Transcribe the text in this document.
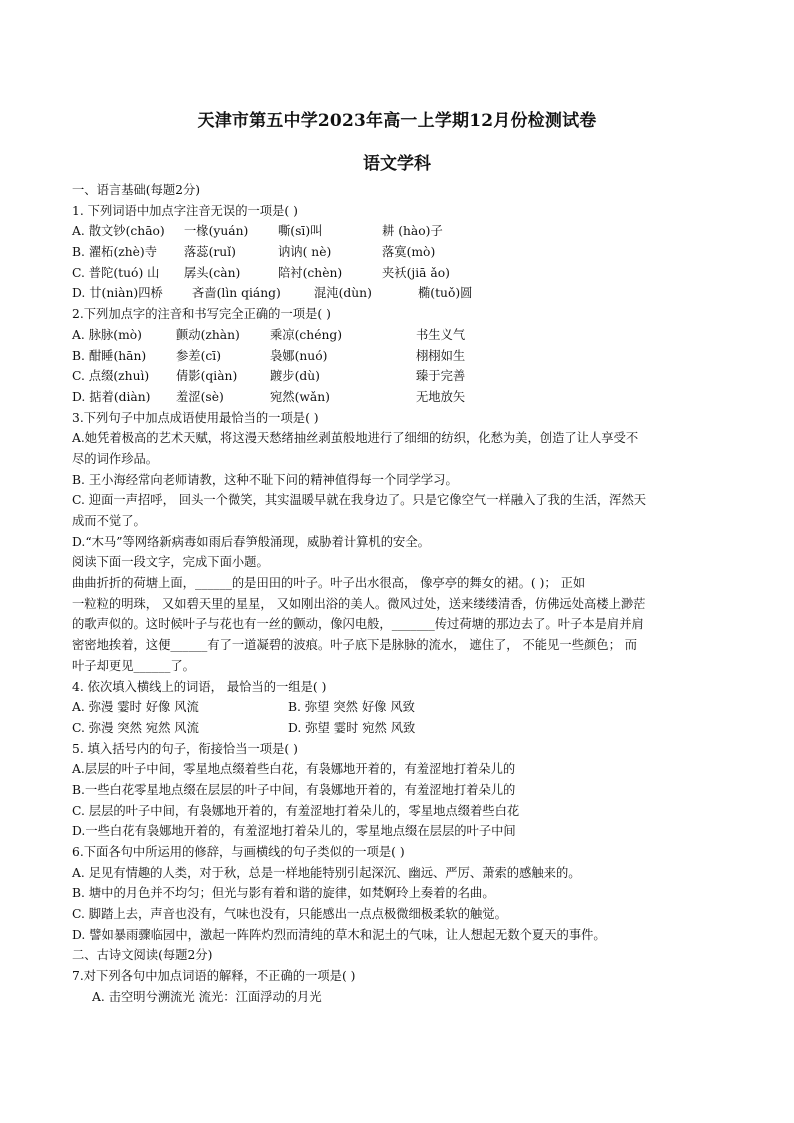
天津市第五中学2023年高一上学期12月份检测试卷
语文学科
一、语言基础(每题2分)
1. 下列词语中加点字注音无误的一项是( )
A. 散文钞(chāo)	一椽(yuán)	嘶(sī)叫	耕 (hào)子
B. 濯柘(zhè)寺	落蕊(ruǐ)	讷讷( nè)	落寞(mò)
C. 普陀(tuó) 山	孱头(càn)	陪衬(chèn)	夹袄(jiā ǎo)
D. 廿(niàn)四桥	吝啬(lìn qiáng)	混沌(dùn)	椭(tuǒ)圆
2.下列加点字的注音和书写完全正确的一项是( )
A. 脉脉(mò)	颤动(zhàn)	乘凉(chéng)	书生义气
B. 酣睡(hān)	参差(cī)	袅娜(nuó)	栩栩如生
C. 点缀(zhuì)	倩影(qiàn)	踱步(dù)	臻于完善
D. 掂着(diàn)	羞涩(sè)	宛然(wǎn)	无地放矢
3.下列句子中加点成语使用最恰当的一项是( )
A.她凭着极高的艺术天赋，将这漫天愁绪抽丝剥茧般地进行了细细的纺织，化愁为美，创造了让人享受不
尽的词作珍品。
B. 王小海经常向老师请教，这种不耻下问的精神值得每一个同学学习。
C. 迎面一声招呼， 回头一个微笑，其实温暖早就在我身边了。只是它像空气一样融入了我的生活，浑然天
成而不觉了。
D.“木马”等网络新病毒如雨后春笋般涌现，威胁着计算机的安全。
阅读下面一段文字，完成下面小题。
曲曲折折的荷塘上面，______的是田田的叶子。叶子出水很高， 像亭亭的舞女的裙。( )； 正如
一粒粒的明珠， 又如碧天里的星星， 又如刚出浴的美人。微风过处，送来缕缕清香，仿佛远处高楼上渺茫
的歌声似的。这时候叶子与花也有一丝的颤动，像闪电般，_______传过荷塘的那边去了。叶子本是肩并肩
密密地挨着，这便______有了一道凝碧的波痕。叶子底下是脉脉的流水， 遮住了， 不能见一些颜色； 而
叶子却更见______了。
4. 依次填入横线上的词语， 最恰当的一组是( )
A. 弥漫 霎时 好像 风流	B. 弥望 突然 好像 风致
C. 弥漫 突然 宛然 风流	D. 弥望 霎时 宛然 风致
5. 填入括号内的句子，衔接恰当一项是( )
A.层层的叶子中间，零星地点缀着些白花，有袅娜地开着的，有羞涩地打着朵儿的
B.一些白花零星地点缀在层层的叶子中间，有袅娜地开着的，有羞涩地打着朵儿的
C. 层层的叶子中间，有袅娜地开着的，有羞涩地打着朵儿的，零星地点缀着些白花
D.一些白花有袅娜地开着的，有羞涩地打着朵儿的，零星地点缀在层层的叶子中间
6.下面各句中所运用的修辞，与画横线的句子类似的一项是( )
A. 足见有情趣的人类，对于秋，总是一样地能特别引起深沉、幽远、严厉、萧索的感触来的。
B. 塘中的月色并不均匀；但光与影有着和谐的旋律，如梵婀玲上奏着的名曲。
C. 脚踏上去，声音也没有，气味也没有，只能感出一点点极微细极柔软的触觉。
D. 譬如暴雨骤临园中，激起一阵阵灼烈而清纯的草木和泥土的气味，让人想起无数个夏天的事件。
二、古诗文阅读(每题2分)
7.对下列各句中加点词语的解释，不正确的一项是( )
A. 击空明兮溯流光 流光：江面浮动的月光
